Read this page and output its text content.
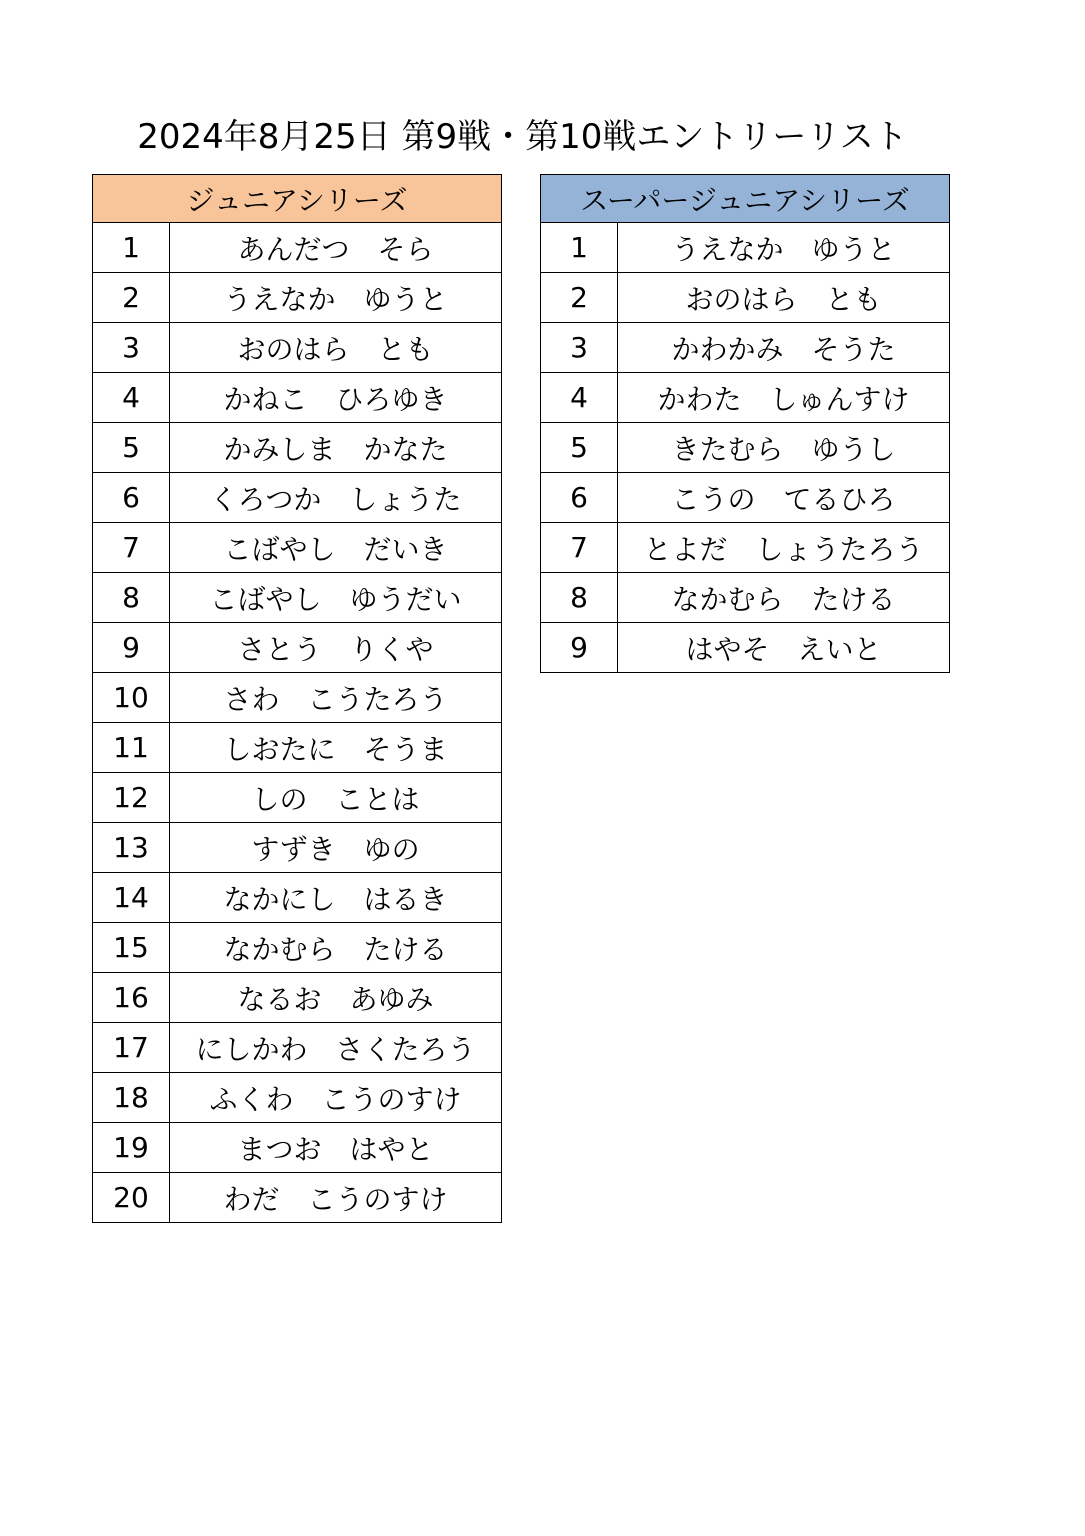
2024年8月25日 第9戦・第10戦エントリーリスト
ジュニアシリーズ	
1	あんだつ　そら
2	うえなか　ゆうと
3	おのはら　とも
4	かねこ　ひろゆき
5	かみしま　かなた
6	くろつか　しょうた
7	こばやし　だいき
8	こばやし　ゆうだい
9	さとう　りくや
10	さわ　こうたろう
11	しおたに　そうま
12	しの　ことは
13	すずき　ゆの
14	なかにし　はるき
15	なかむら　たける
16	なるお　あゆみ
17	にしかわ　さくたろう
18	ふくわ　こうのすけ
19	まつお　はやと
20	わだ　こうのすけ
スーパージュニアシリーズ	
1	うえなか　ゆうと
2	おのはら　とも
3	かわかみ　そうた
4	かわた　しゅんすけ
5	きたむら　ゆうし
6	こうの　てるひろ
7	とよだ　しょうたろう
8	なかむら　たける
9	はやそ　えいと
